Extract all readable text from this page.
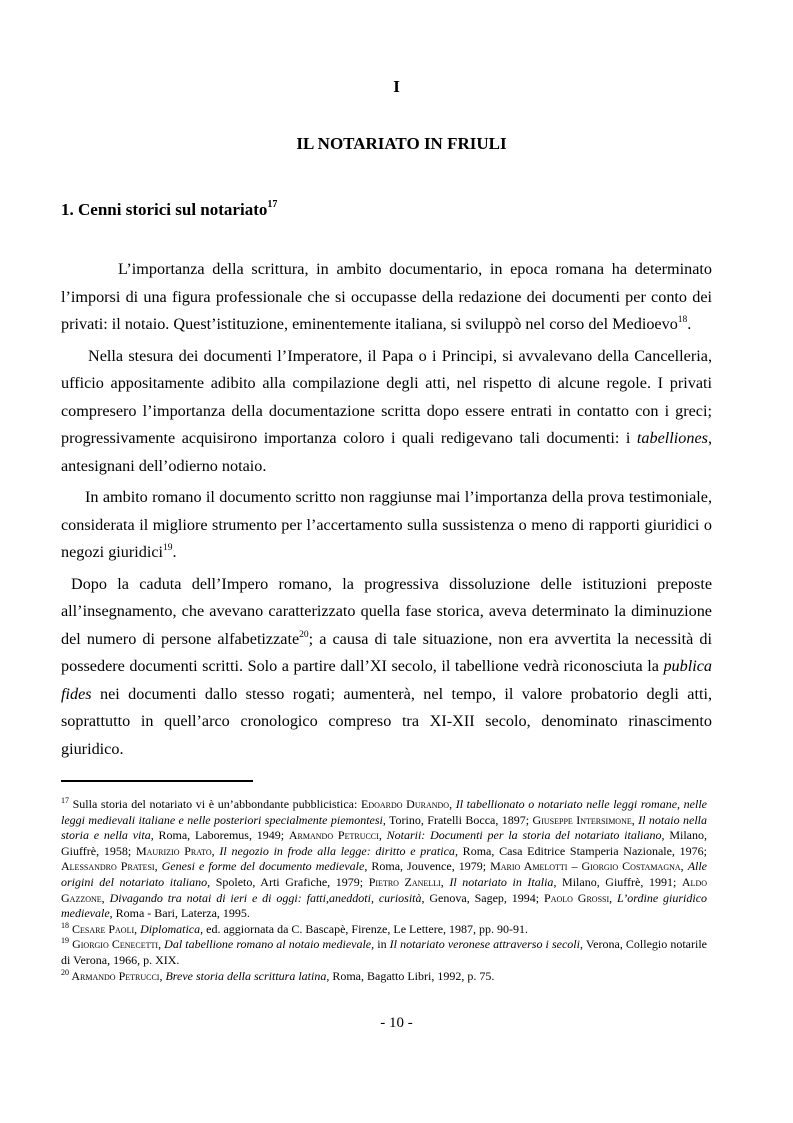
I
IL NOTARIATO IN FRIULI
1. Cenni storici sul notariato$^{17}$

L’importanza della scrittura, in ambito documentario, in epoca romana ha determinato l’imporsi di una figura professionale che si occupasse della redazione dei documenti per conto dei privati: il notaio. Quest’istituzione, eminentemente italiana, si sviluppò nel corso del Medioevo$^{18}$.

Nella stesura dei documenti l’Imperatore, il Papa o i Principi, si avvalevano della Cancelleria, ufficio appositamente adibito alla compilazione degli atti, nel rispetto di alcune regole. I privati compresero l’importanza della documentazione scritta dopo essere entrati in contatto con i greci; progressivamente acquisirono importanza coloro i quali redigevano tali documenti: i tabelliones, antesignani dell’odierno notaio.

In ambito romano il documento scritto non raggiunse mai l’importanza della prova testimoniale, considerata il migliore strumento per l’accertamento sulla sussistenza o meno di rapporti giuridici o negozi giuridici$^{19}$.

Dopo la caduta dell’Impero romano, la progressiva dissoluzione delle istituzioni preposte all’insegnamento, che avevano caratterizzato quella fase storica, aveva determinato la diminuzione del numero di persone alfabetizzate$^{20}$; a causa di tale situazione, non era avvertita la necessità di possedere documenti scritti. Solo a partire dall’XI secolo, il tabellione vedrà riconosciuta la publica fides nei documenti dallo stesso rogati; aumenterà, nel tempo, il valore probatorio degli atti, soprattutto in quell’arco cronologico compreso tra XI-XII secolo, denominato rinascimento giuridico.

$^{17}$ Sulla storia del notariato vi è un’abbondante pubblicistica: Edoardo Durando, Il tabellionato o notariato nelle leggi romane, nelle leggi medievali italiane e nelle posteriori specialmente piemontesi, Torino, Fratelli Bocca, 1897; Giuseppe Intersimone, Il notaio nella storia e nella vita, Roma, Laboremus, 1949; Armando Petrucci, Notarii: Documenti per la storia del notariato italiano, Milano, Giuffrè, 1958; Maurizio Prato, Il negozio in frode alla legge: diritto e pratica, Roma, Casa Editrice Stamperia Nazionale, 1976; Alessandro Pratesi, Genesi e forme del documento medievale, Roma, Jouvence, 1979; Mario Amelotti – Giorgio Costamagna, Alle origini del notariato italiano, Spoleto, Arti Grafiche, 1979; Pietro Zanelli, Il notariato in Italia, Milano, Giuffrè, 1991; Aldo Gazzone, Divagando tra notai di ieri e di oggi: fatti,aneddoti, curiosità, Genova, Sagep, 1994; Paolo Grossi, L’ordine giuridico medievale, Roma - Bari, Laterza, 1995.

$^{18}$ Cesare Paoli, Diplomatica, ed. aggiornata da C. Bascapè, Firenze, Le Lettere, 1987, pp. 90-91.

$^{19}$ Giorgio Cenecetti, Dal tabellione romano al notaio medievale, in Il notariato veronese attraverso i secoli, Verona, Collegio notarile di Verona, 1966, p. XIX.

$^{20}$ Armando Petrucci, Breve storia della scrittura latina, Roma, Bagatto Libri, 1992, p. 75.

- 10 -
